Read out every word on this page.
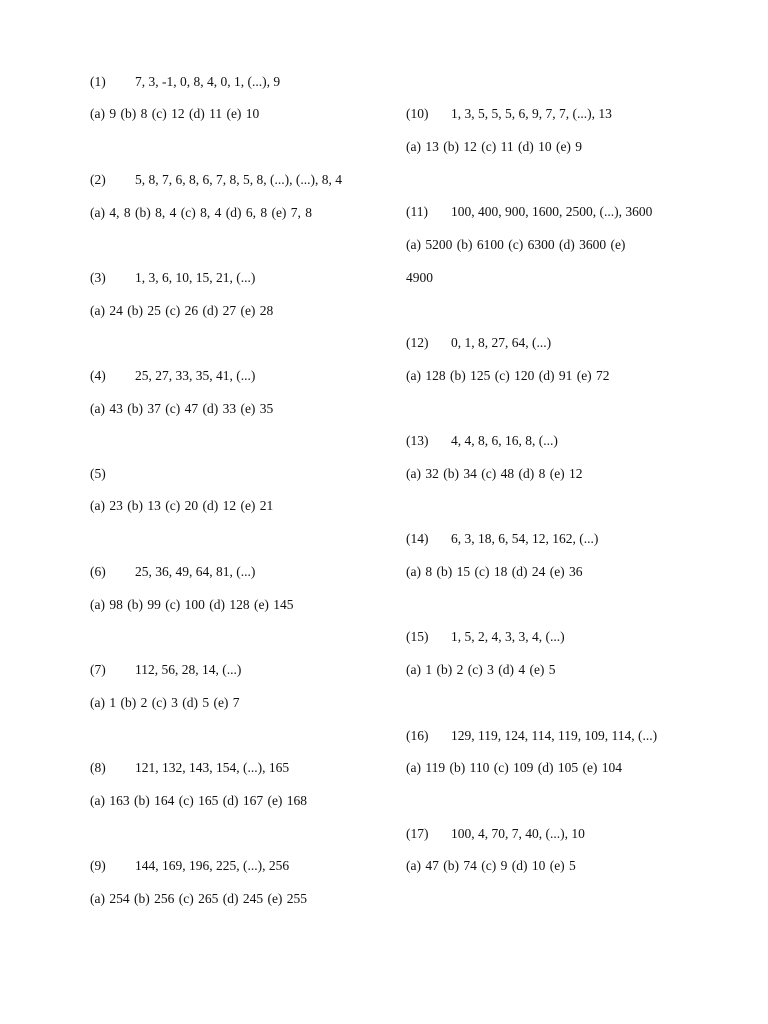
(1) 7, 3, -1, 0, 8, 4, 0, 1, (...), 9
(a) 9 (b) 8 (c) 12 (d) 11 (e) 10
(2) 5, 8, 7, 6, 8, 6, 7, 8, 5, 8, (...), (...), 8, 4
(a) 4, 8 (b) 8, 4 (c) 8, 4 (d) 6, 8 (e) 7, 8
(3) 1, 3, 6, 10, 15, 21, (...)
(a) 24 (b) 25 (c) 26 (d) 27 (e) 28
(4) 25, 27, 33, 35, 41, (...)
(a) 43 (b) 37 (c) 47 (d) 33 (e) 35
(5)
(a) 23 (b) 13 (c) 20 (d) 12 (e) 21
(6) 25, 36, 49, 64, 81, (...)
(a) 98 (b) 99 (c) 100 (d) 128 (e) 145
(7) 112, 56, 28, 14, (...)
(a) 1 (b) 2 (c) 3 (d) 5 (e) 7
(8) 121, 132, 143, 154, (...), 165
(a) 163 (b) 164 (c) 165 (d) 167 (e) 168
(9) 144, 169, 196, 225, (...), 256
(a) 254 (b) 256 (c) 265 (d) 245 (e) 255
(10) 1, 3, 5, 5, 5, 6, 9, 7, 7, (...), 13
(a) 13 (b) 12 (c) 11 (d) 10 (e) 9
(11) 100, 400, 900, 1600, 2500, (...), 3600
(a) 5200 (b) 6100 (c) 6300 (d) 3600 (e)
4900
(12) 0, 1, 8, 27, 64, (...)
(a) 128 (b) 125 (c) 120 (d) 91 (e) 72
(13) 4, 4, 8, 6, 16, 8, (...)
(a) 32 (b) 34 (c) 48 (d) 8 (e) 12
(14) 6, 3, 18, 6, 54, 12, 162, (...)
(a) 8 (b) 15 (c) 18 (d) 24 (e) 36
(15) 1, 5, 2, 4, 3, 3, 4, (...)
(a) 1 (b) 2 (c) 3 (d) 4 (e) 5
(16) 129, 119, 124, 114, 119, 109, 114, (...)
(a) 119 (b) 110 (c) 109 (d) 105 (e) 104
(17) 100, 4, 70, 7, 40, (...), 10
(a) 47 (b) 74 (c) 9 (d) 10 (e) 5
